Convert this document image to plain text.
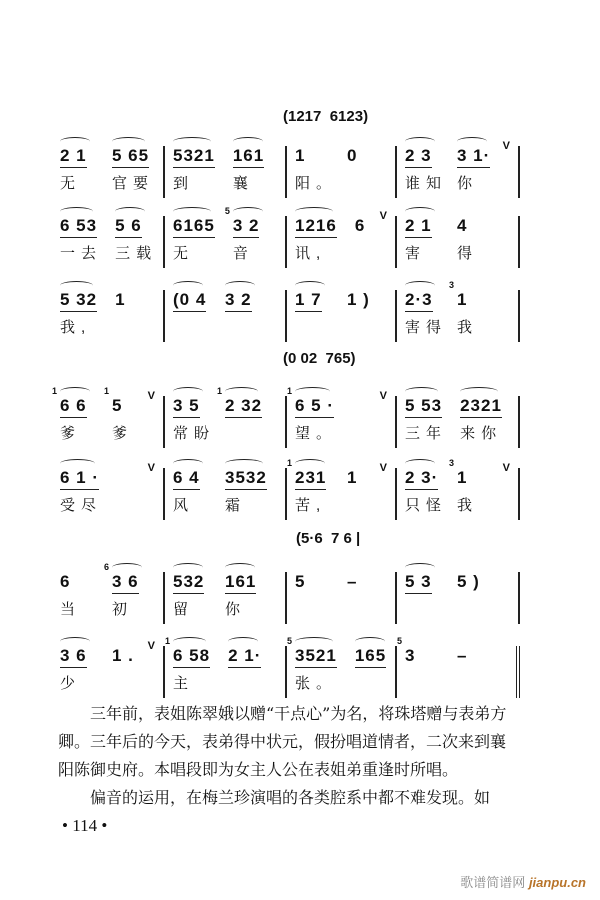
2 1
无
5 65
官要
5321
到
161
襄
1
阳。
0	2 3
谁知
3 1·
你
V
6 53
一去
5 6
三载
6165
无
5
3 2
音
1216
讯,
6	V 2 1
害
4
得
5 32
我,
1	(0 4 3 2	1 7	1 )	2·3
害得
3
1
我
1
6 6
爹
1
5
爹
V 3 5
常盼
1
2 32
1
6 5 ·
望。
V 5 53
三年
2321
来你
6 1 ·
受尽
V 6 4
风
3532
霜
1
231
苦,
1	V 2 3·
只怪
3
1
我
V
6
当
6
3 6
初
532
留
161
你
5	–	5 3	5 )
3 6
少
1 .	V 1
6 58
主
2 1·
5
3521
张。
165
5
3	–
(1217  6123)
(0 02  765)
(5·6  7 6 |

三年前，表姐陈翠娥以赠“干点心”为名，将珠塔赠与表弟方

卿。三年后的今天，表弟得中状元，假扮唱道情者，二次来到襄

阳陈御史府。本唱段即为女主人公在表姐弟重逢时所唱。

偏音的运用，在梅兰珍演唱的各类腔系中都不难发现。如

• 114 •
歌谱简谱网 jianpu.cn
